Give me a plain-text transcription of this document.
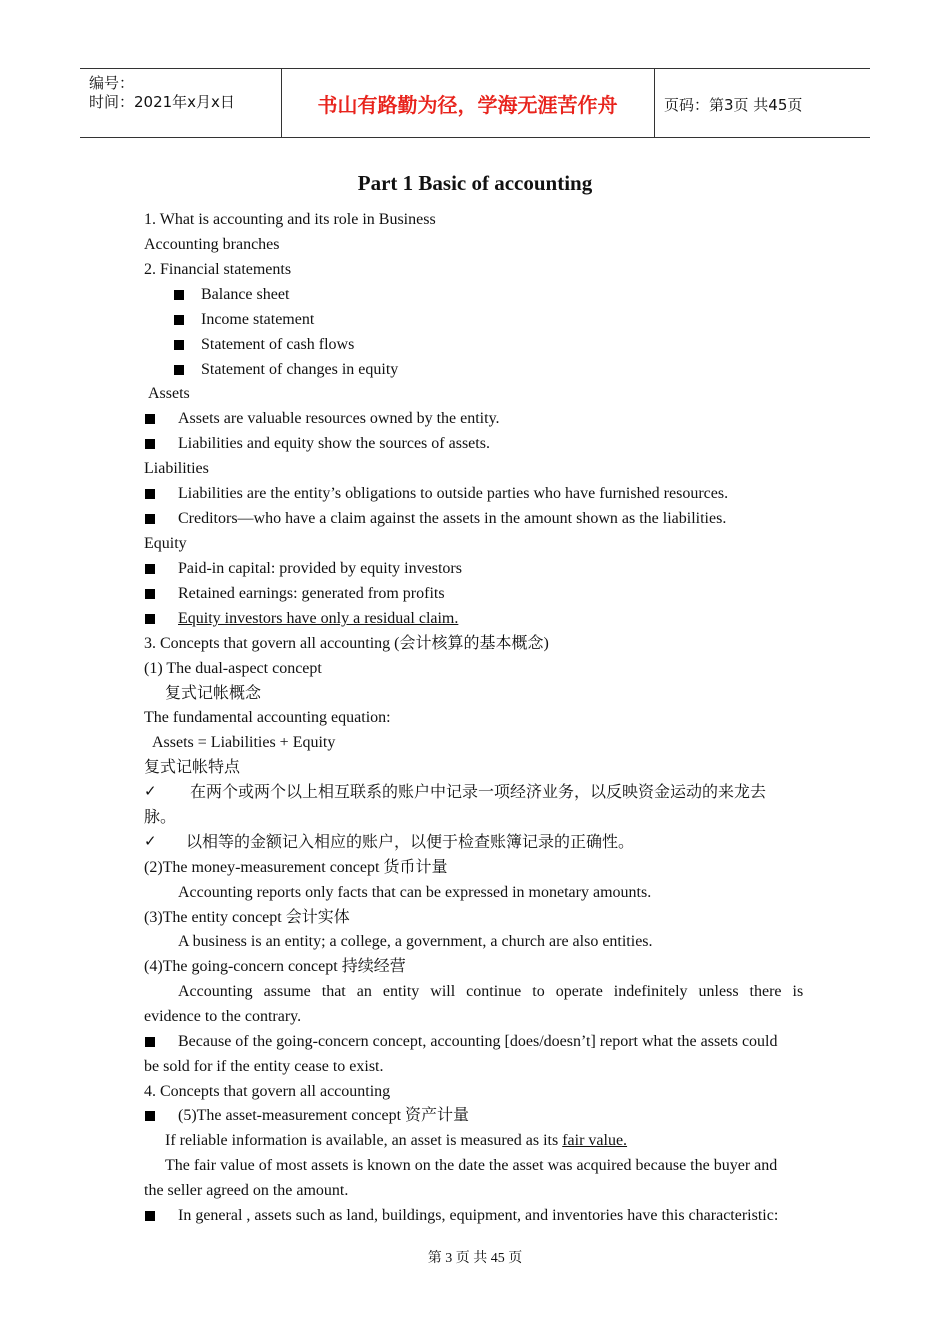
编号：
时间：2021年x月x日	书山有路勤为径，学海无涯苦作舟	页码：第3页 共45页
Part 1 Basic of accounting
1. What is accounting and its role in Business
Accounting branches
2. Financial statements
Balance sheet
Income statement
Statement of cash flows
Statement of changes in equity
Assets
Assets are valuable resources owned by the entity.
Liabilities and equity show the sources of assets.
Liabilities
Liabilities are the entity’s obligations to outside parties who have furnished resources.
Creditors—who have a claim against the assets in the amount shown as the liabilities.
Equity
Paid-in capital: provided by equity investors
Retained earnings: generated from profits
Equity investors have only a residual claim.
3. Concepts that govern all accounting (会计核算的基本概念)
(1) The dual-aspect concept
复式记帐概念
The fundamental accounting equation:
Assets = Liabilities + Equity
复式记帐特点
✓ 在两个或两个以上相互联系的账户中记录一项经济业务，以反映资金运动的来龙去
脉。
✓ 以相等的金额记入相应的账户，以便于检查账簿记录的正确性。
(2)The money-measurement concept 货币计量
Accounting reports only facts that can be expressed in monetary amounts.
(3)The entity concept 会计实体
A business is an entity; a college, a government, a church are also entities.
(4)The going-concern concept 持续经营
Accounting assume that an entity will continue to operate indefinitely unless there is
evidence to the contrary.
Because of the going-concern concept, accounting [does/doesn’t] report what the assets could
be sold for if the entity cease to exist.
4. Concepts that govern all accounting
(5)The asset-measurement concept 资产计量
If reliable information is available, an asset is measured as its fair value.
The fair value of most assets is known on the date the asset was acquired because the buyer and
the seller agreed on the amount.
In general , assets such as land, buildings, equipment, and inventories have this characteristic:
第 3 页 共 45 页
